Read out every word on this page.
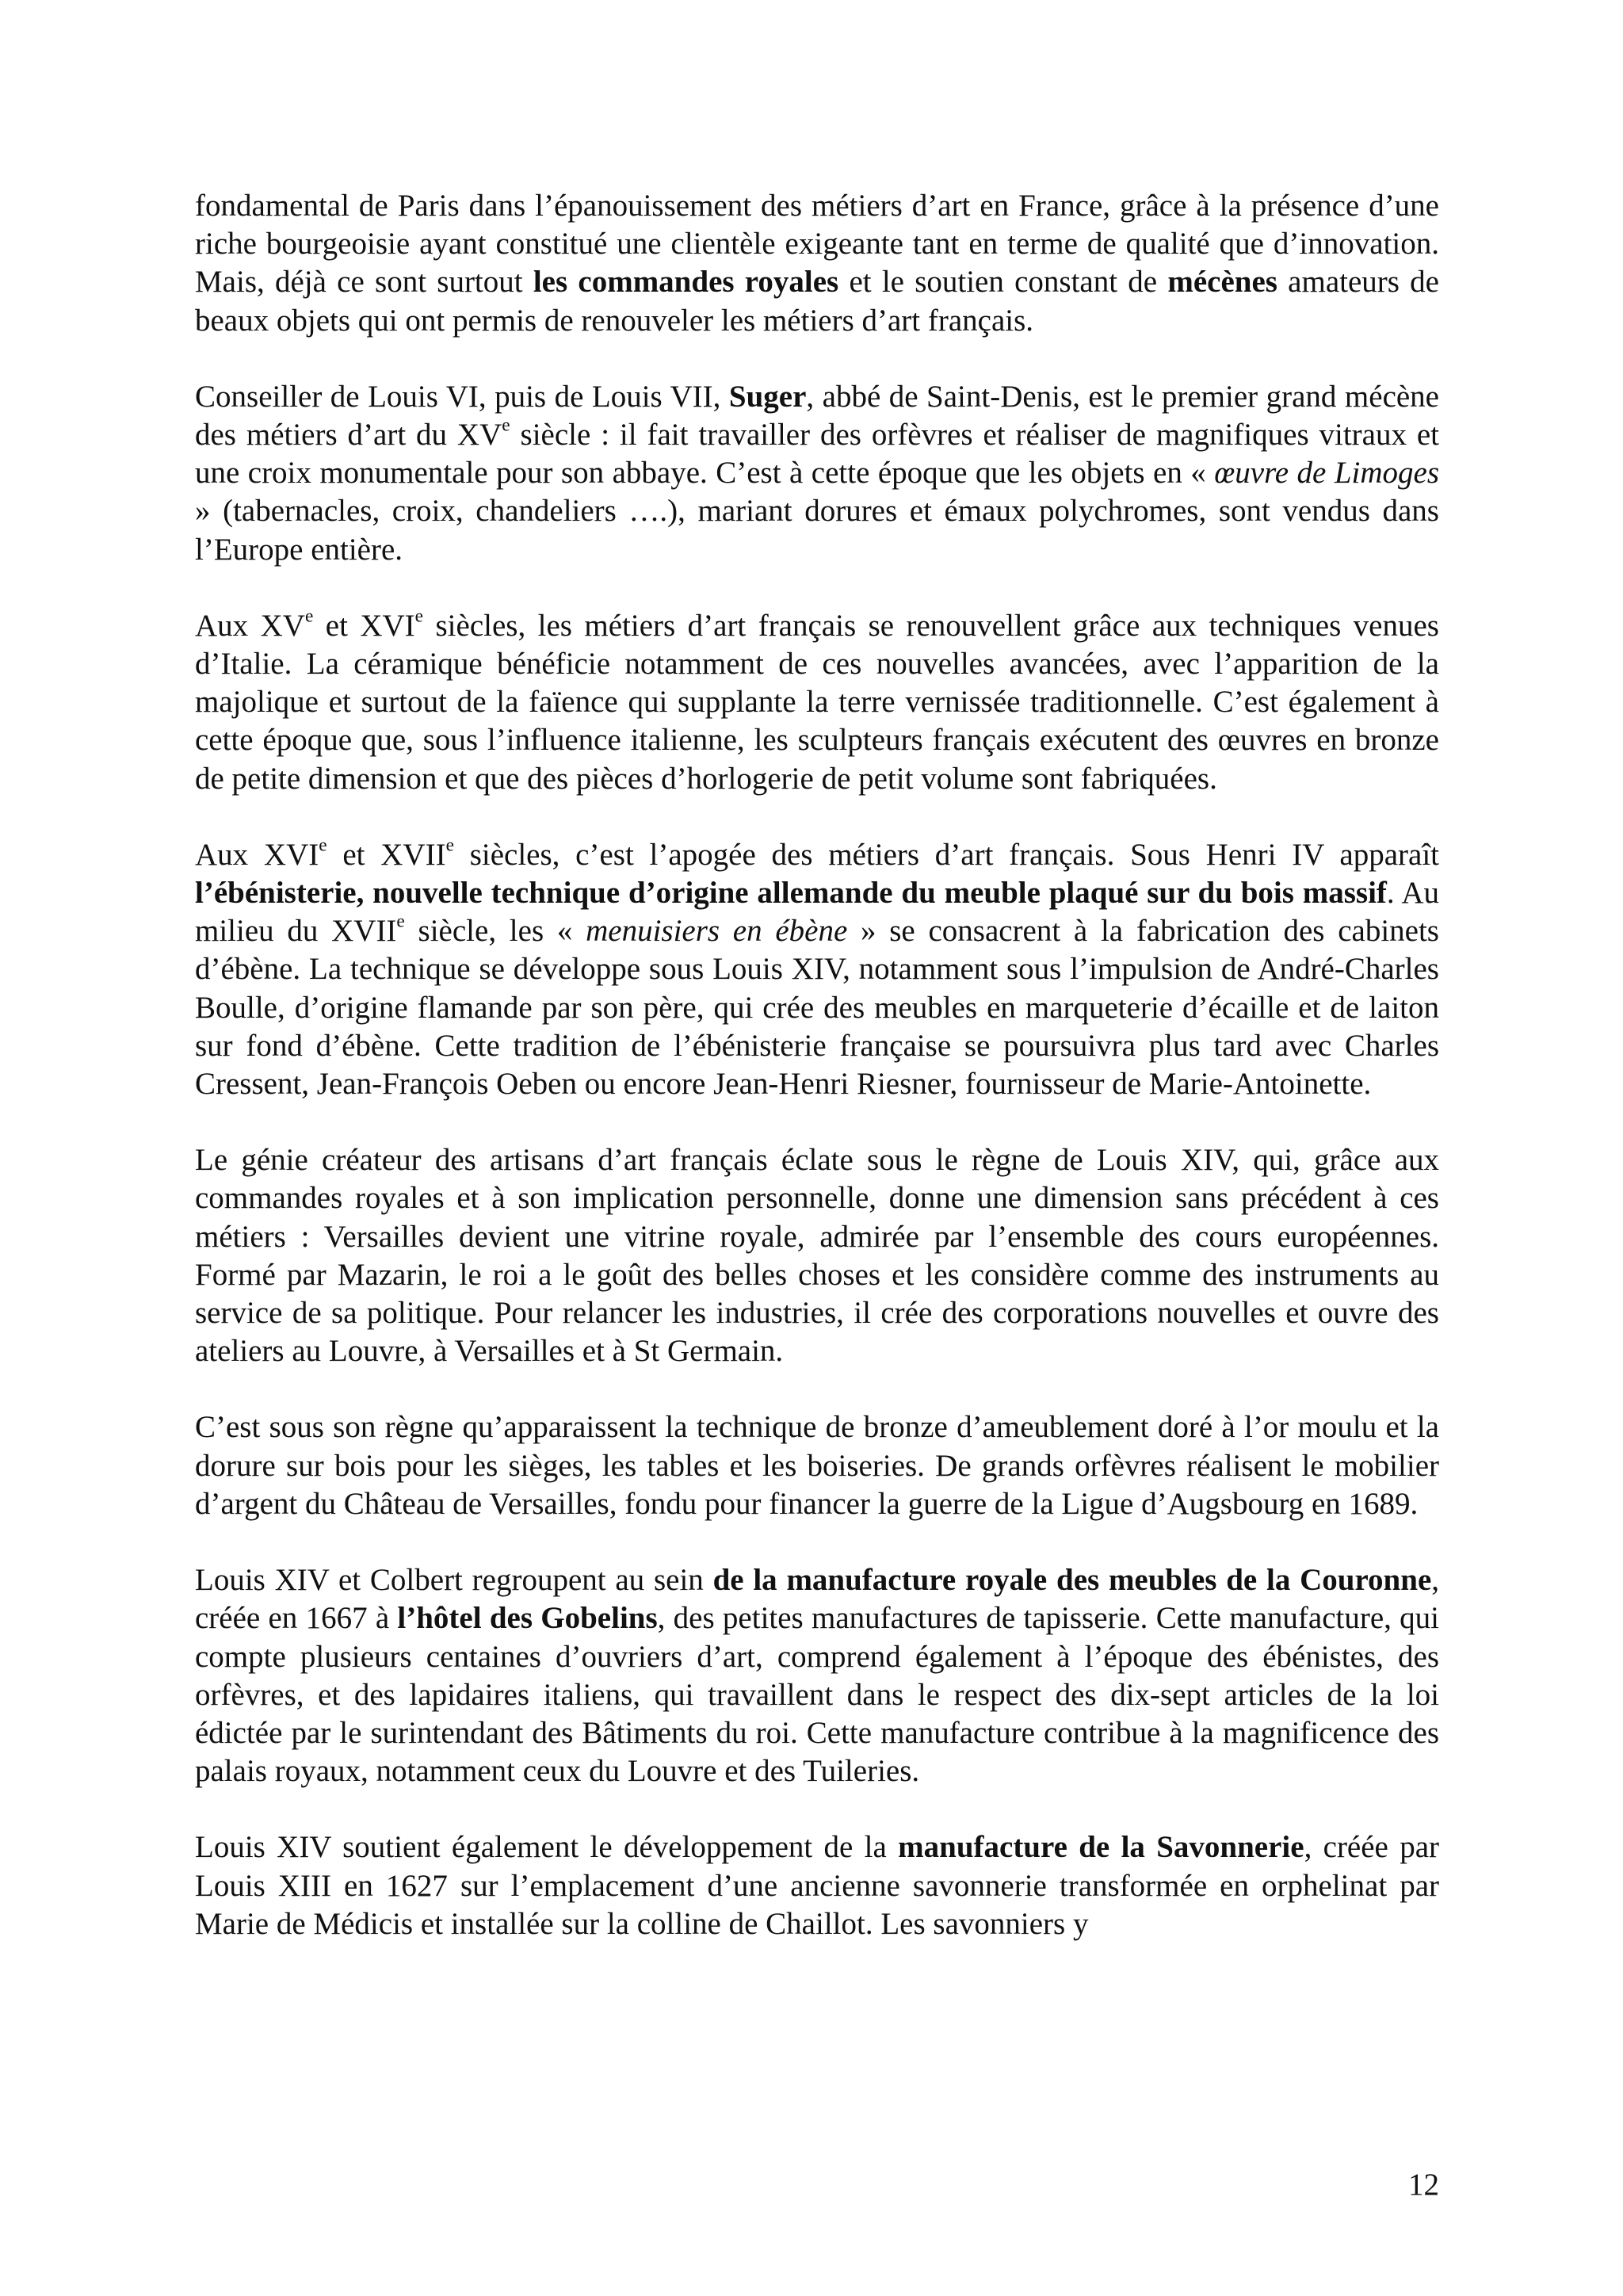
fondamental de Paris dans l’épanouissement des métiers d’art en France, grâce à la présence d’une riche bourgeoisie ayant constitué une clientèle exigeante tant en terme de qualité que d’innovation. Mais, déjà ce sont surtout les commandes royales et le soutien constant de mécènes amateurs de beaux objets qui ont permis de renouveler les métiers d’art français.

Conseiller de Louis VI, puis de Louis VII, Suger, abbé de Saint-Denis, est le premier grand mécène des métiers d’art du XVe siècle : il fait travailler des orfèvres et réaliser de magnifiques vitraux et une croix monumentale pour son abbaye. C’est à cette époque que les objets en « œuvre de Limoges » (tabernacles, croix, chandeliers ….), mariant dorures et émaux polychromes, sont vendus dans l’Europe entière.

Aux XVe et XVIe siècles, les métiers d’art français se renouvellent grâce aux techniques venues d’Italie. La céramique bénéficie notamment de ces nouvelles avancées, avec l’apparition de la majolique et surtout de la faïence qui supplante la terre vernissée traditionnelle. C’est également à cette époque que, sous l’influence italienne, les sculpteurs français exécutent des œuvres en bronze de petite dimension et que des pièces d’horlogerie de petit volume sont fabriquées.

Aux XVIe et XVIIe siècles, c’est l’apogée des métiers d’art français. Sous Henri IV apparaît l’ébénisterie, nouvelle technique d’origine allemande du meuble plaqué sur du bois massif. Au milieu du XVIIe siècle, les « menuisiers en ébène » se consacrent à la fabrication des cabinets d’ébène. La technique se développe sous Louis XIV, notamment sous l’impulsion de André-Charles Boulle, d’origine flamande par son père, qui crée des meubles en marqueterie d’écaille et de laiton sur fond d’ébène. Cette tradition de l’ébénisterie française se poursuivra plus tard avec Charles Cressent, Jean-François Oeben ou encore Jean-Henri Riesner, fournisseur de Marie-Antoinette.

Le génie créateur des artisans d’art français éclate sous le règne de Louis XIV, qui, grâce aux commandes royales et à son implication personnelle, donne une dimension sans précédent à ces métiers : Versailles devient une vitrine royale, admirée par l’ensemble des cours européennes. Formé par Mazarin, le roi a le goût des belles choses et les considère comme des instruments au service de sa politique. Pour relancer les industries, il crée des corporations nouvelles et ouvre des ateliers au Louvre, à Versailles et à St Germain.

C’est sous son règne qu’apparaissent la technique de bronze d’ameublement doré à l’or moulu et la dorure sur bois pour les sièges, les tables et les boiseries. De grands orfèvres réalisent le mobilier d’argent du Château de Versailles, fondu pour financer la guerre de la Ligue d’Augsbourg en 1689.

Louis XIV et Colbert regroupent au sein de la manufacture royale des meubles de la Couronne, créée en 1667 à l’hôtel des Gobelins, des petites manufactures de tapisserie. Cette manufacture, qui compte plusieurs centaines d’ouvriers d’art, comprend également à l’époque des ébénistes, des orfèvres, et des lapidaires italiens, qui travaillent dans le respect des dix-sept articles de la loi édictée par le surintendant des Bâtiments du roi. Cette manufacture contribue à la magnificence des palais royaux, notamment ceux du Louvre et des Tuileries.

Louis XIV soutient également le développement de la manufacture de la Savonnerie, créée par Louis XIII en 1627 sur l’emplacement d’une ancienne savonnerie transformée en orphelinat par Marie de Médicis et installée sur la colline de Chaillot. Les savonniers y

12
